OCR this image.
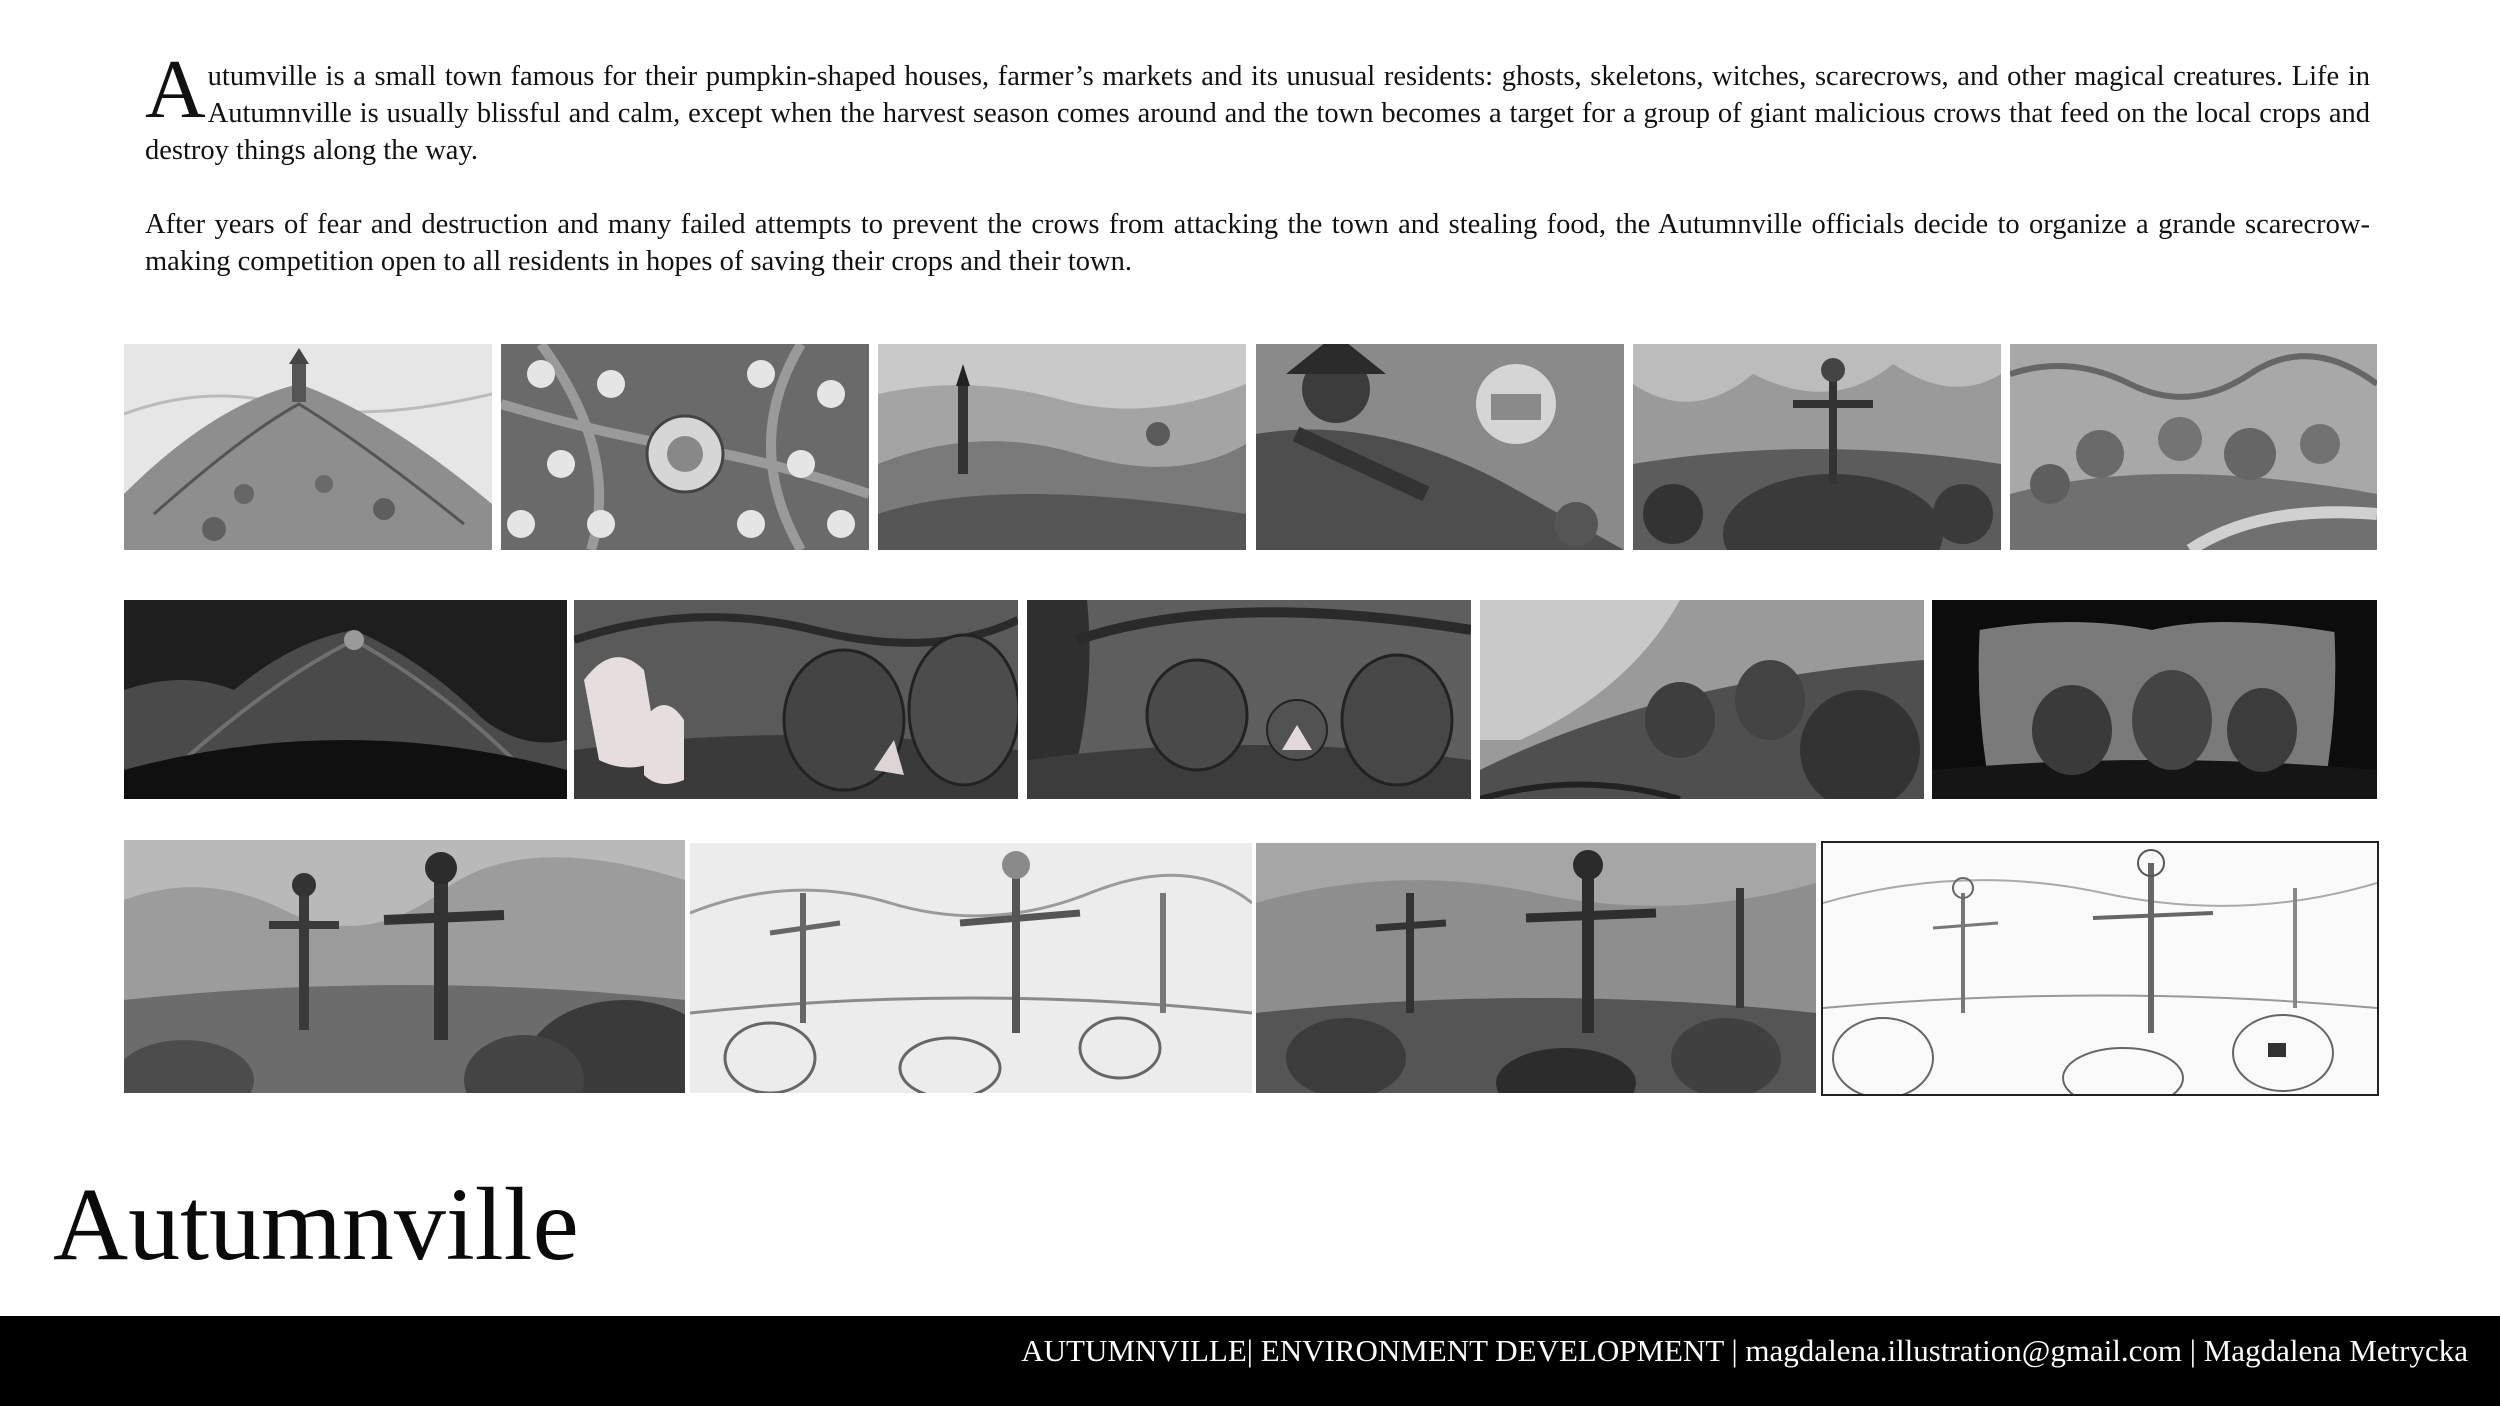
Autumville is a small town famous for their pumpkin-shaped houses, farmer’s markets and its unusual residents: ghosts, skeletons, witches, scarecrows, and other magical creatures. Life in Autumnville is usually blissful and calm, except when the harvest season comes around and the town becomes a target for a group of giant malicious crows that feed on the local crops and destroy things along the way.

After years of fear and destruction and many failed attempts to prevent the crows from attacking the town and stealing food, the Autumnville officials decide to organize a grande scarecrow-making competition open to all residents in hopes of saving their crops and their town.

Autumnville
AUTUMNVILLE| ENVIRONMENT DEVELOPMENT | magdalena.illustration@gmail.com | Magdalena Metrycka
